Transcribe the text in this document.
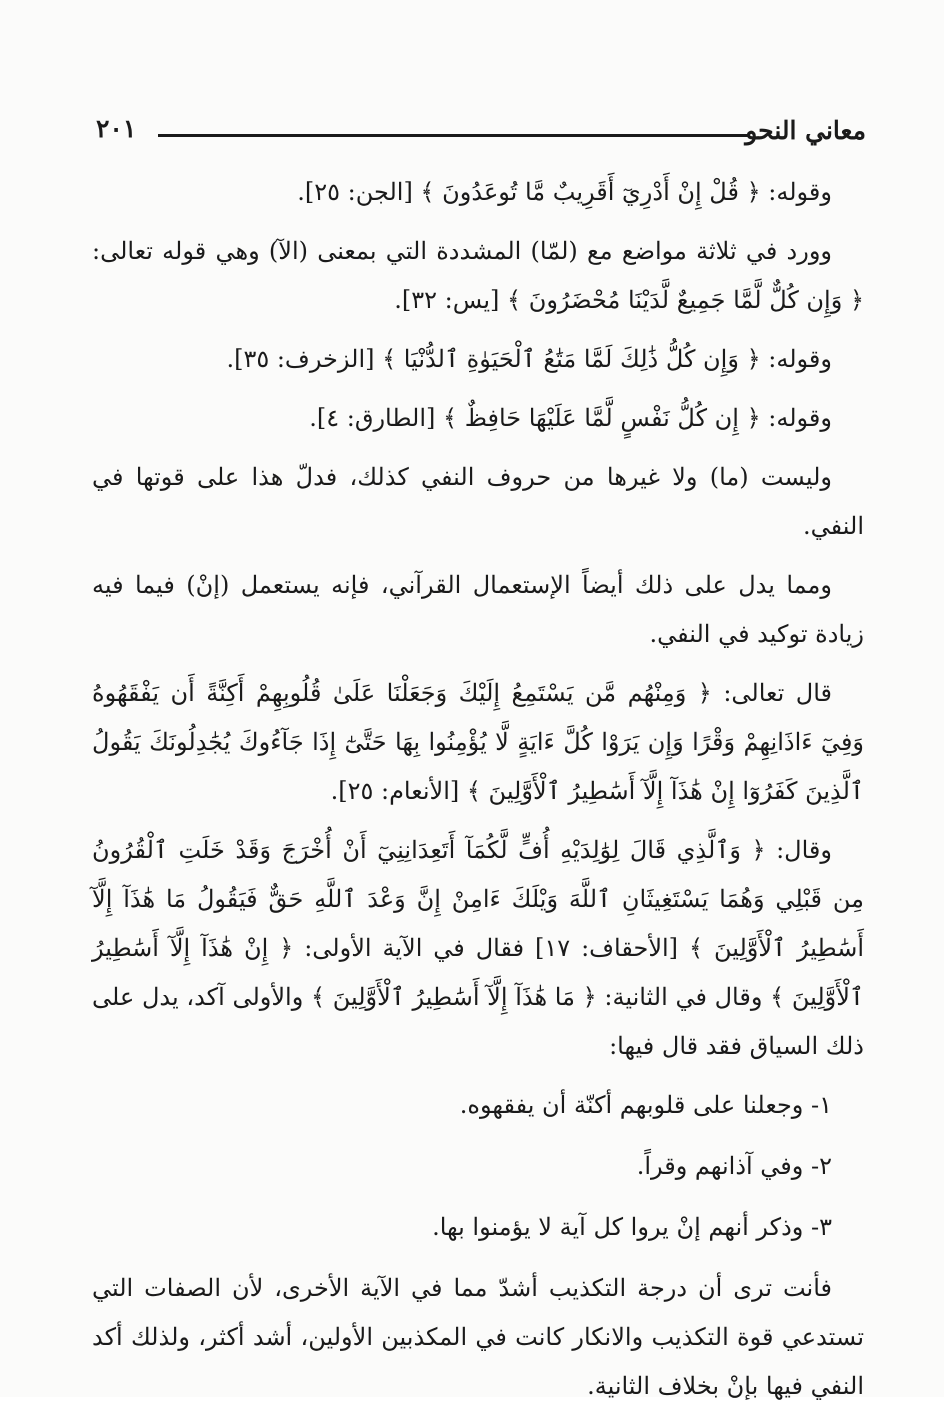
معاني النحو
٢٠١

وقوله: ﴿ قُلْ إِنْ أَدْرِيٓ أَقَرِيبٌ مَّا تُوعَدُونَ ﴾ [الجن: ٢٥].

وورد في ثلاثة مواضع مع (لمّا) المشددة التي بمعنى (الآ) وهي قوله تعالى: ﴿ وَإِن كُلٌّ لَّمَّا جَمِيعٌ لَّدَيْنَا مُحْضَرُونَ ﴾ [يس: ٣٢].

وقوله: ﴿ وَإِن كُلُّ ذَٰلِكَ لَمَّا مَتَٰعُ ٱلْحَيَوٰةِ ٱلدُّنْيَا ﴾ [الزخرف: ٣٥].

وقوله: ﴿ إِن كُلُّ نَفْسٍ لَّمَّا عَلَيْهَا حَافِظٌ ﴾ [الطارق: ٤].

وليست (ما) ولا غيرها من حروف النفي كذلك، فدلّ هذا على قوتها في النفي.

ومما يدل على ذلك أيضاً الإستعمال القرآني، فإنه يستعمل (إنْ) فيما فيه زيادة توكيد في النفي.

قال تعالى: ﴿ وَمِنْهُم مَّن يَسْتَمِعُ إِلَيْكَ وَجَعَلْنَا عَلَىٰ قُلُوبِهِمْ أَكِنَّةً أَن يَفْقَهُوهُ وَفِيٓ ءَاذَانِهِمْ وَقْرًا وَإِن يَرَوْا كُلَّ ءَايَةٍ لَّا يُؤْمِنُوا بِهَا حَتَّىٰٓ إِذَا جَآءُوكَ يُجَٰدِلُونَكَ يَقُولُ ٱلَّذِينَ كَفَرُوٓا إِنْ هَٰذَآ إِلَّآ أَسَٰطِيرُ ٱلْأَوَّلِينَ ﴾ [الأنعام: ٢٥].

وقال: ﴿ وَٱلَّذِي قَالَ لِوَٰلِدَيْهِ أُفٍّ لَّكُمَآ أَتَعِدَانِنِيٓ أَنْ أُخْرَجَ وَقَدْ خَلَتِ ٱلْقُرُونُ مِن قَبْلِي وَهُمَا يَسْتَغِيثَانِ ٱللَّهَ وَيْلَكَ ءَامِنْ إِنَّ وَعْدَ ٱللَّهِ حَقٌّ فَيَقُولُ مَا هَٰذَآ إِلَّآ أَسَٰطِيرُ ٱلْأَوَّلِينَ ﴾ [الأحقاف: ١٧] فقال في الآية الأولى: ﴿ إِنْ هَٰذَآ إِلَّآ أَسَٰطِيرُ ٱلْأَوَّلِينَ ﴾ وقال في الثانية: ﴿ مَا هَٰذَآ إِلَّآ أَسَٰطِيرُ ٱلْأَوَّلِينَ ﴾ والأولى آكد، يدل على ذلك السياق فقد قال فيها:

١- وجعلنا على قلوبهم أكنّة أن يفقهوه.

٢- وفي آذانهم وقراً.

٣- وذكر أنهم إنْ يروا كل آية لا يؤمنوا بها.

فأنت ترى أن درجة التكذيب أشدّ مما في الآية الأخرى، لأن الصفات التي تستدعي قوة التكذيب والانكار كانت في المكذبين الأولين، أشد أكثر، ولذلك أكد النفي فيها بإنْ بخلاف الثانية.
